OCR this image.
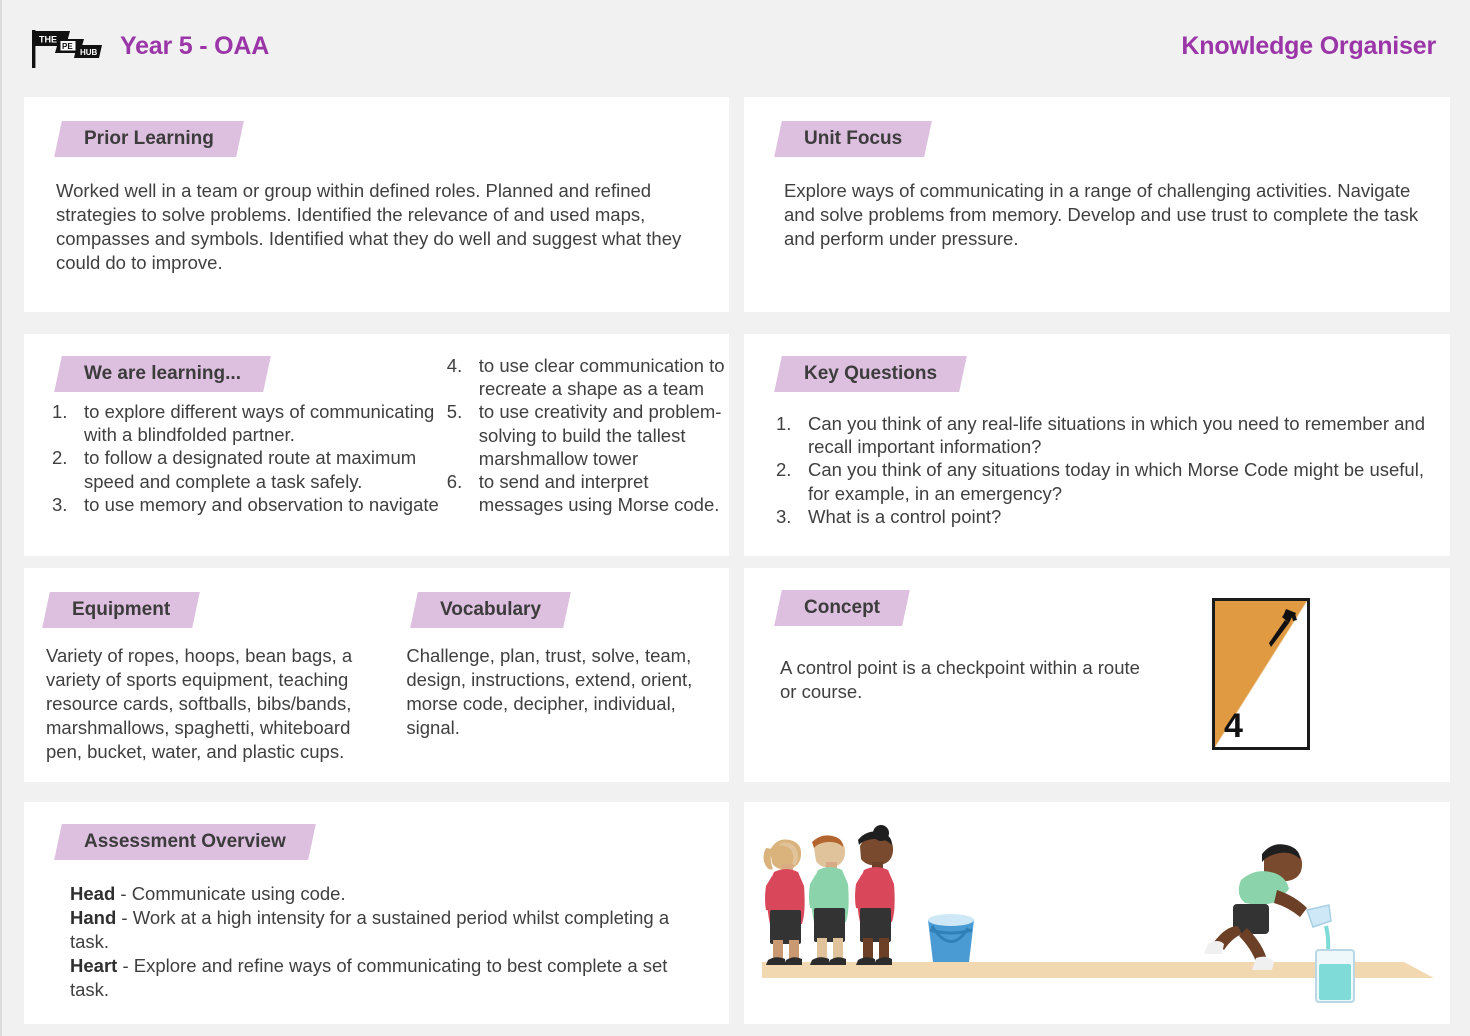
THE
PE
HUB Year 5 - OAA	Knowledge Organiser
Prior Learning
Worked well in a team or group within defined roles. Planned and refined strategies to solve problems. Identified the relevance of and used maps, compasses and symbols. Identified what they do well and suggest what they could do to improve.
Unit Focus
Explore ways of communicating in a range of challenging activities. Navigate and solve problems from memory. Develop and use trust to complete the task and perform under pressure.
We are learning...
to explore different ways of communicating with a blindfolded partner.
to follow a designated route at maximum speed and complete a task safely.
to use memory and observation to navigate
to use clear communication to recreate a shape as a team
to use creativity and problem-solving to build the tallest marshmallow tower
to send and interpret messages using Morse code.
Key Questions
Can you think of any real-life situations in which you need to remember and recall important information?
Can you think of any situations today in which Morse Code might be useful, for example, in an emergency?
What is a control point?
Equipment	Vocabulary
Variety of ropes, hoops, bean bags, a variety of sports equipment, teaching resource cards, softballs, bibs/bands, marshmallows, spaghetti, whiteboard pen, bucket, water, and plastic cups.
Challenge, plan, trust, solve, team, design, instructions, extend, orient, morse code, decipher, individual, signal.
Concept
A control point is a checkpoint within a route or course.
4
Assessment Overview
Head - Communicate using code.
Hand - Work at a high intensity for a sustained period whilst completing a task.
Heart - Explore and refine ways of communicating to best complete a set task.
